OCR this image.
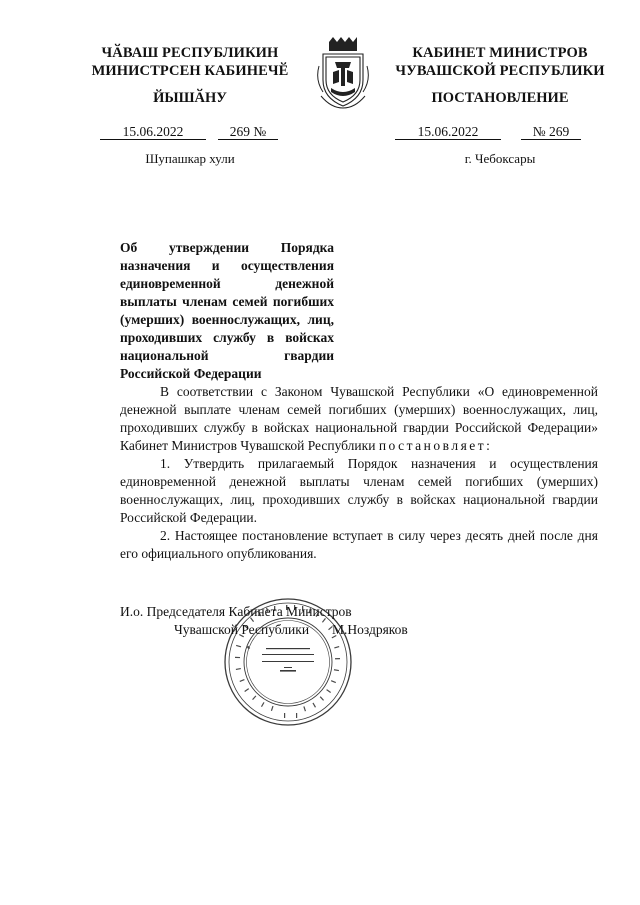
ЧӐВАШ РЕСПУБЛИКИН
МИНИСТРСЕН КАБИНЕЧӖ
ЙЫШӐНУ
КАБИНЕТ МИНИСТРОВ
ЧУВАШСКОЙ РЕСПУБЛИКИ
ПОСТАНОВЛЕНИЕ
15.06.2022	269 №	15.06.2022	№ 269
Шупашкар хули	г. Чебоксары
Об утверждении Порядка назначения и осуществления единовременной денежной выплаты членам семей погибших (умерших) военнослужащих, лиц, проходивших службу в войсках национальной гвардии Российской Федерации

В соответствии с Законом Чувашской Республики «О единовременной денежной выплате членам семей погибших (умерших) военнослужащих, лиц, проходивших службу в войсках национальной гвардии Российской Федерации» Кабинет Министров Чувашской Республики постановляет:

1. Утвердить прилагаемый Порядок назначения и осуществления единовременной денежной выплаты членам семей погибших (умерших) военнослужащих, лиц, проходивших службу в войсках национальной гвардии Российской Федерации.

2. Настоящее постановление вступает в силу через десять дней после дня его официального опубликования.

И.о. Председателя Кабинета Министров
Чувашской Республики М.Ноздряков
